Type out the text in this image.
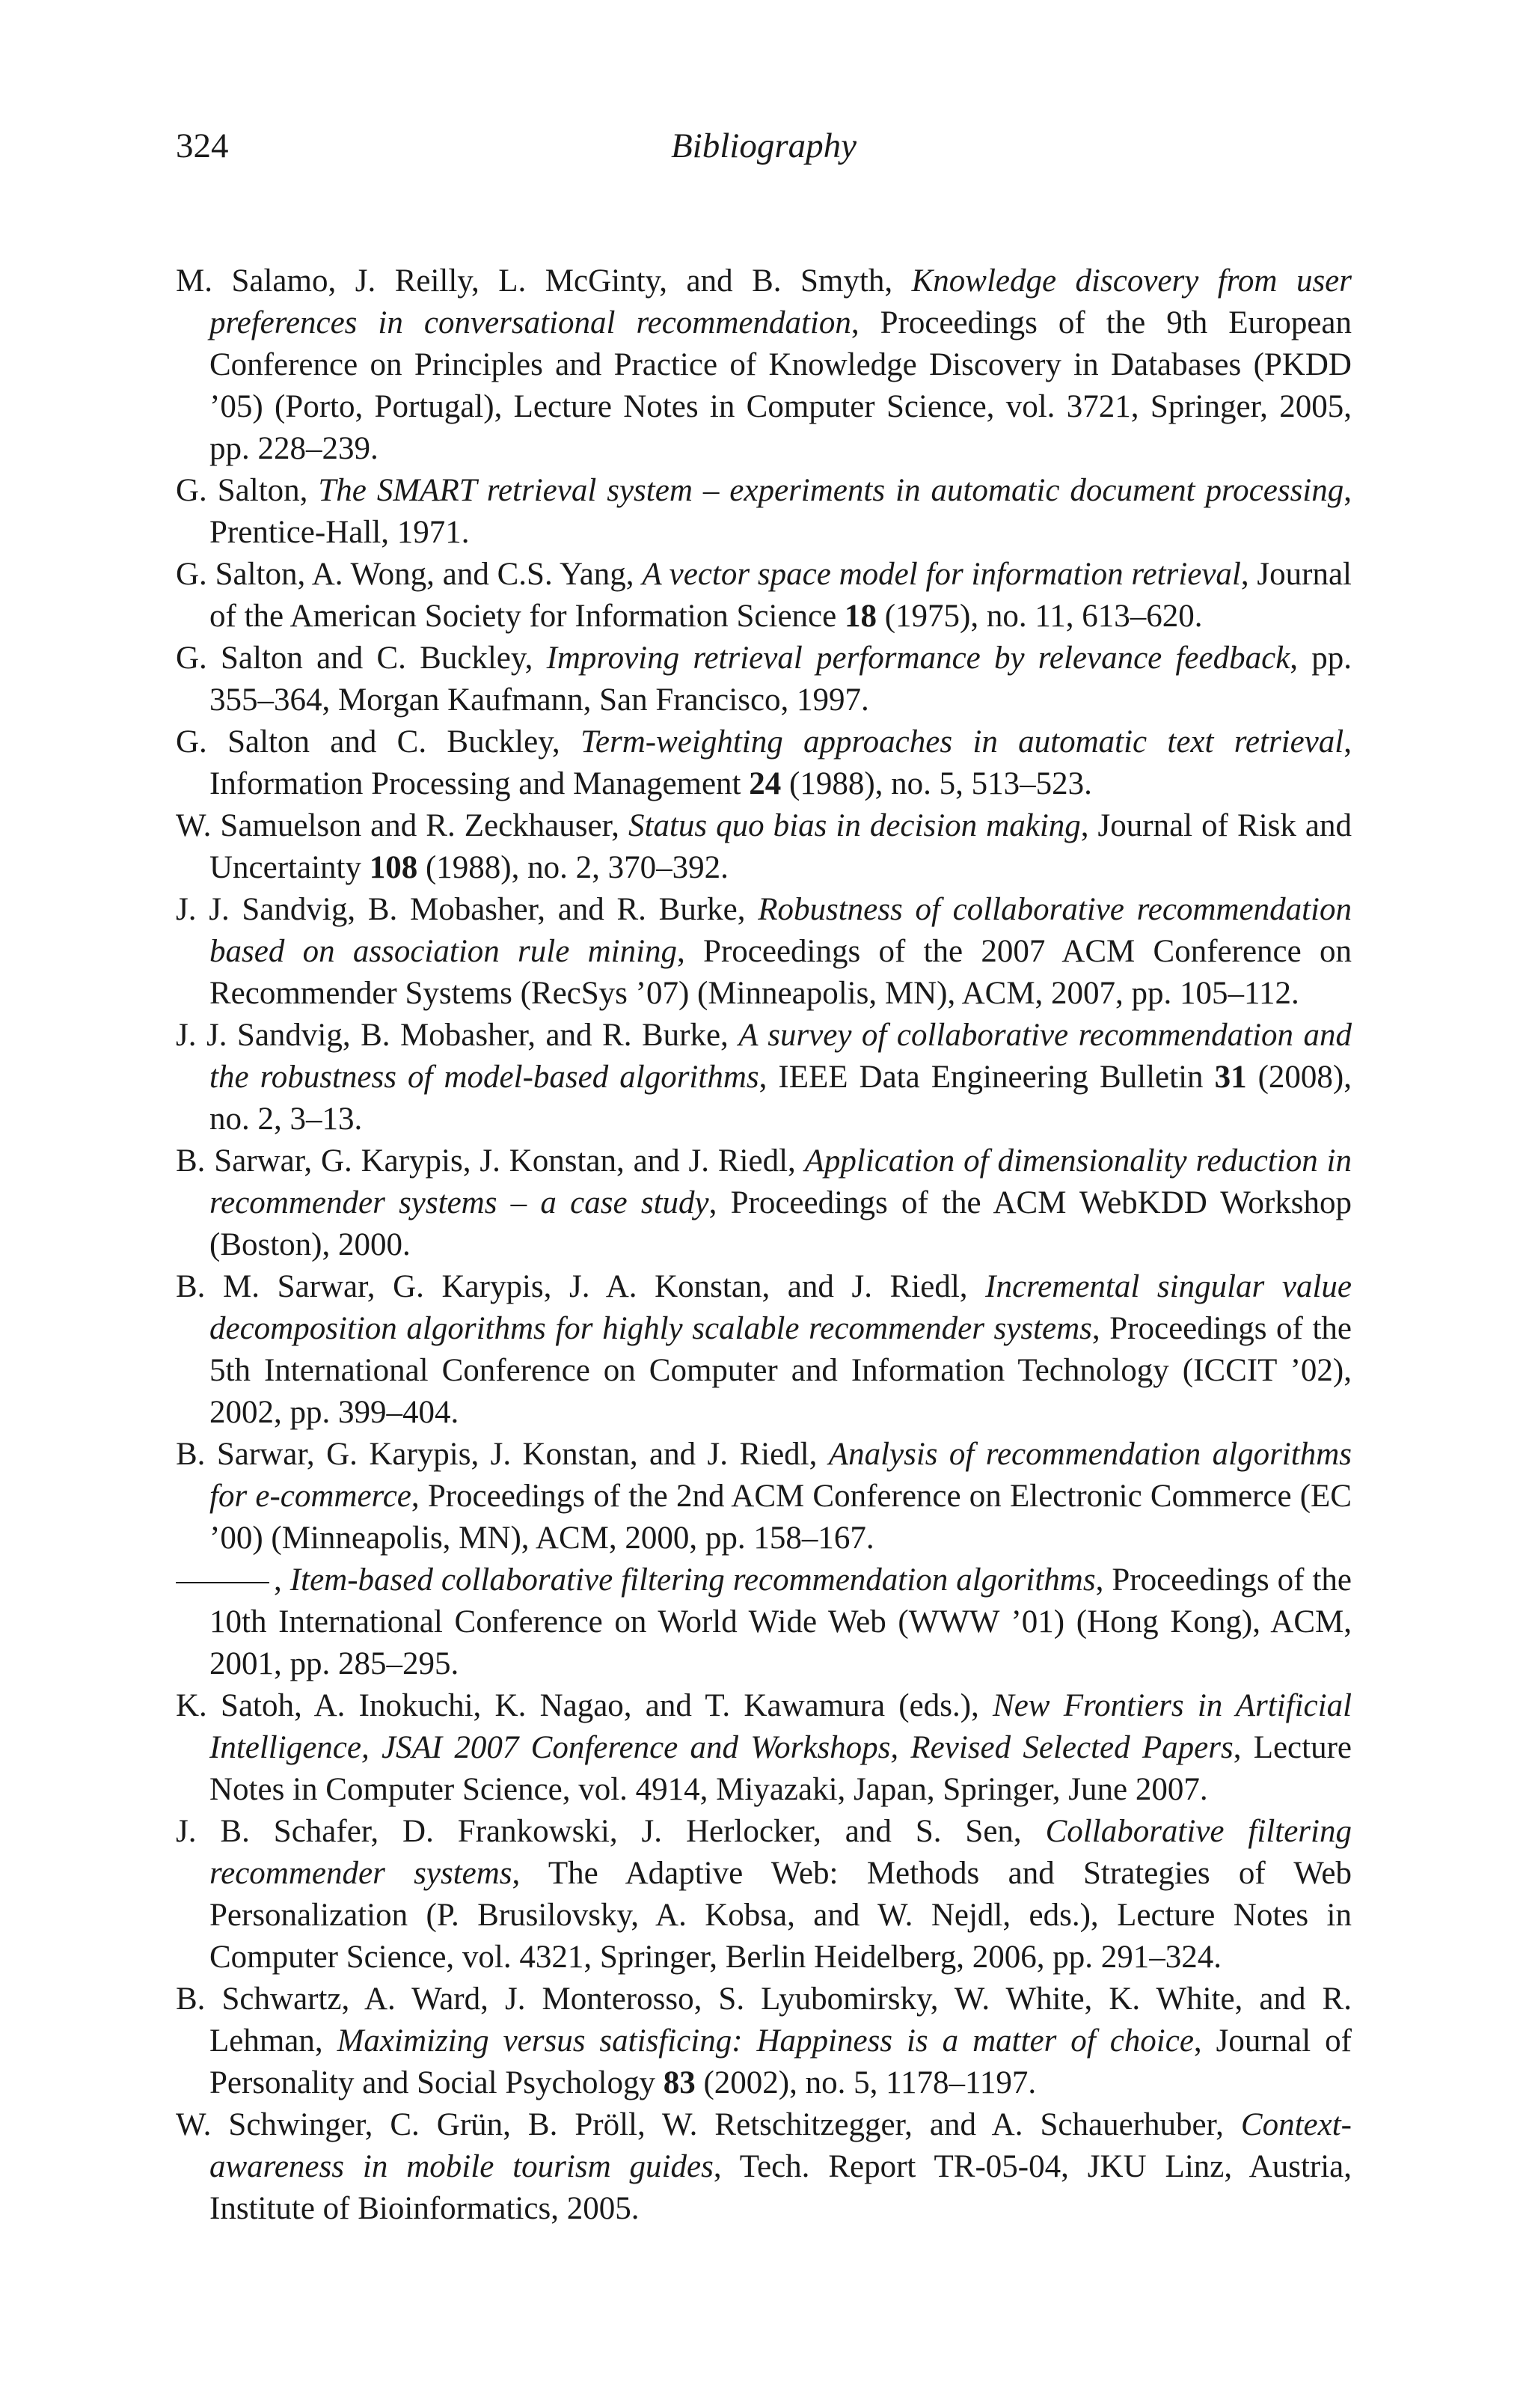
324	Bibliography

M. Salamo, J. Reilly, L. McGinty, and B. Smyth, Knowledge discovery from user preferences in conversational recommendation, Proceedings of the 9th European Conference on Principles and Practice of Knowledge Discovery in Databases (PKDD ’05) (Porto, Portugal), Lecture Notes in Computer Science, vol. 3721, Springer, 2005, pp. 228–239.

G. Salton, The SMART retrieval system – experiments in automatic document processing, Prentice-Hall, 1971.

G. Salton, A. Wong, and C.S. Yang, A vector space model for information retrieval, Journal of the American Society for Information Science 18 (1975), no. 11, 613–620.

G. Salton and C. Buckley, Improving retrieval performance by relevance feedback, pp. 355–364, Morgan Kaufmann, San Francisco, 1997.

G. Salton and C. Buckley, Term-weighting approaches in automatic text retrieval, Information Processing and Management 24 (1988), no. 5, 513–523.

W. Samuelson and R. Zeckhauser, Status quo bias in decision making, Journal of Risk and Uncertainty 108 (1988), no. 2, 370–392.

J. J. Sandvig, B. Mobasher, and R. Burke, Robustness of collaborative recommendation based on association rule mining, Proceedings of the 2007 ACM Conference on Recommender Systems (RecSys ’07) (Minneapolis, MN), ACM, 2007, pp. 105–112.

J. J. Sandvig, B. Mobasher, and R. Burke, A survey of collaborative recommendation and the robustness of model-based algorithms, IEEE Data Engineering Bulletin 31 (2008), no. 2, 3–13.

B. Sarwar, G. Karypis, J. Konstan, and J. Riedl, Application of dimensionality reduction in recommender systems – a case study, Proceedings of the ACM WebKDD Workshop (Boston), 2000.

B. M. Sarwar, G. Karypis, J. A. Konstan, and J. Riedl, Incremental singular value decomposition algorithms for highly scalable recommender systems, Proceedings of the 5th International Conference on Computer and Information Technology (ICCIT ’02), 2002, pp. 399–404.

B. Sarwar, G. Karypis, J. Konstan, and J. Riedl, Analysis of recommendation algorithms for e-commerce, Proceedings of the 2nd ACM Conference on Electronic Commerce (EC ’00) (Minneapolis, MN), ACM, 2000, pp. 158–167.

, Item-based collaborative filtering recommendation algorithms, Proceedings of the 10th International Conference on World Wide Web (WWW ’01) (Hong Kong), ACM, 2001, pp. 285–295.

K. Satoh, A. Inokuchi, K. Nagao, and T. Kawamura (eds.), New Frontiers in Artificial Intelligence, JSAI 2007 Conference and Workshops, Revised Selected Papers, Lecture Notes in Computer Science, vol. 4914, Miyazaki, Japan, Springer, June 2007.

J. B. Schafer, D. Frankowski, J. Herlocker, and S. Sen, Collaborative filtering recommender systems, The Adaptive Web: Methods and Strategies of Web Personalization (P. Brusilovsky, A. Kobsa, and W. Nejdl, eds.), Lecture Notes in Computer Science, vol. 4321, Springer, Berlin Heidelberg, 2006, pp. 291–324.

B. Schwartz, A. Ward, J. Monterosso, S. Lyubomirsky, W. White, K. White, and R. Lehman, Maximizing versus satisficing: Happiness is a matter of choice, Journal of Personality and Social Psychology 83 (2002), no. 5, 1178–1197.

W. Schwinger, C. Grün, B. Pröll, W. Retschitzegger, and A. Schauerhuber, Context-awareness in mobile tourism guides, Tech. Report TR-05-04, JKU Linz, Austria, Institute of Bioinformatics, 2005.
